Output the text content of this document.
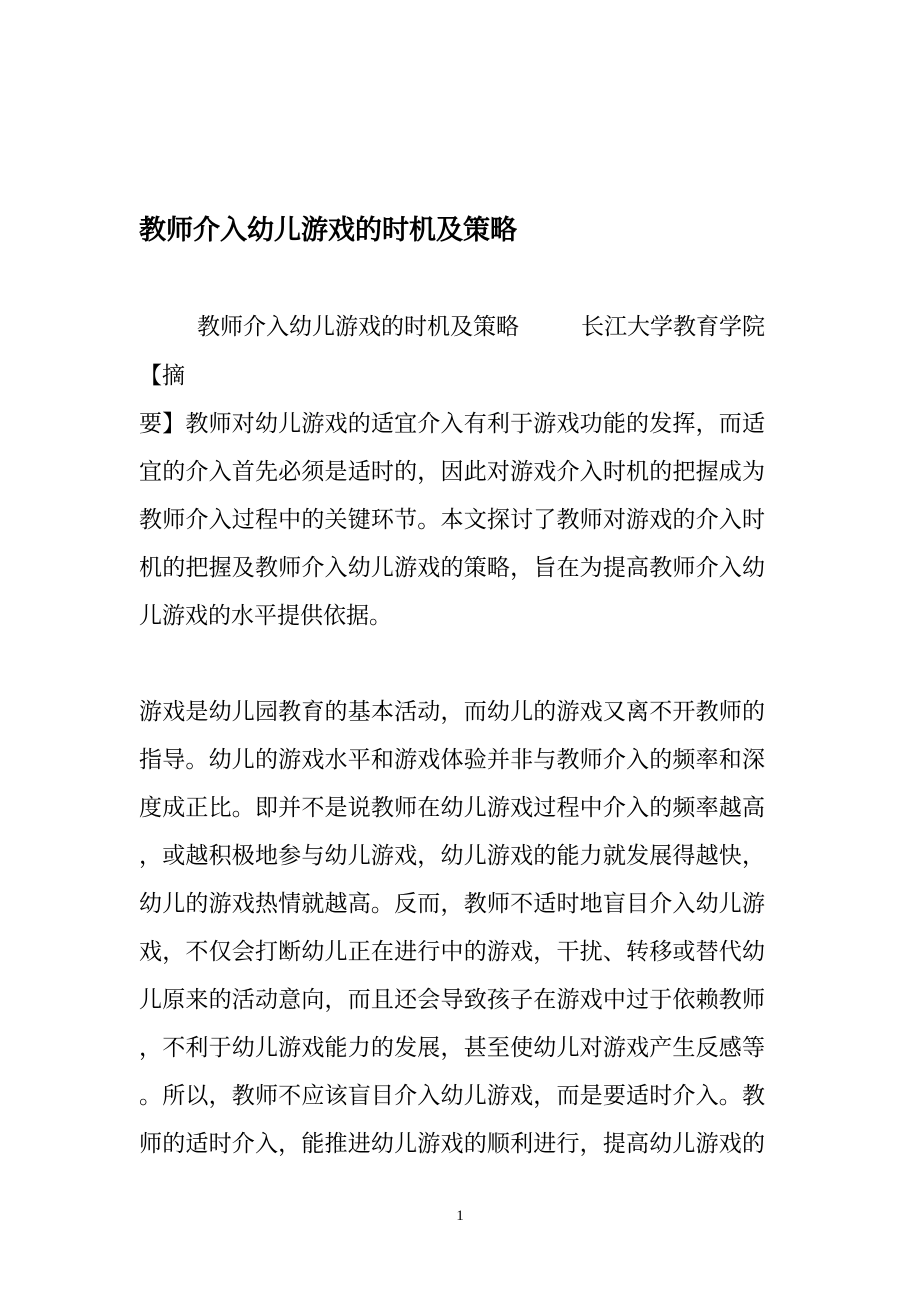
教师介入幼儿游戏的时机及策略
教师介入幼儿游戏的时机及策略	长江大学教育学院
【摘
要】教师对幼儿游戏的适宜介入有利于游戏功能的发挥，而适
宜的介入首先必须是适时的，因此对游戏介入时机的把握成为
教师介入过程中的关键环节。本文探讨了教师对游戏的介入时
机的把握及教师介入幼儿游戏的策略，旨在为提高教师介入幼
儿游戏的水平提供依据。
游戏是幼儿园教育的基本活动，而幼儿的游戏又离不开教师的
指导。幼儿的游戏水平和游戏体验并非与教师介入的频率和深
度成正比。即并不是说教师在幼儿游戏过程中介入的频率越高
，或越积极地参与幼儿游戏，幼儿游戏的能力就发展得越快，
幼儿的游戏热情就越高。反而，教师不适时地盲目介入幼儿游
戏，不仅会打断幼儿正在进行中的游戏，干扰、转移或替代幼
儿原来的活动意向，而且还会导致孩子在游戏中过于依赖教师
，不利于幼儿游戏能力的发展，甚至使幼儿对游戏产生反感等
。所以，教师不应该盲目介入幼儿游戏，而是要适时介入。教
师的适时介入，能推进幼儿游戏的顺利进行，提高幼儿游戏的
1
